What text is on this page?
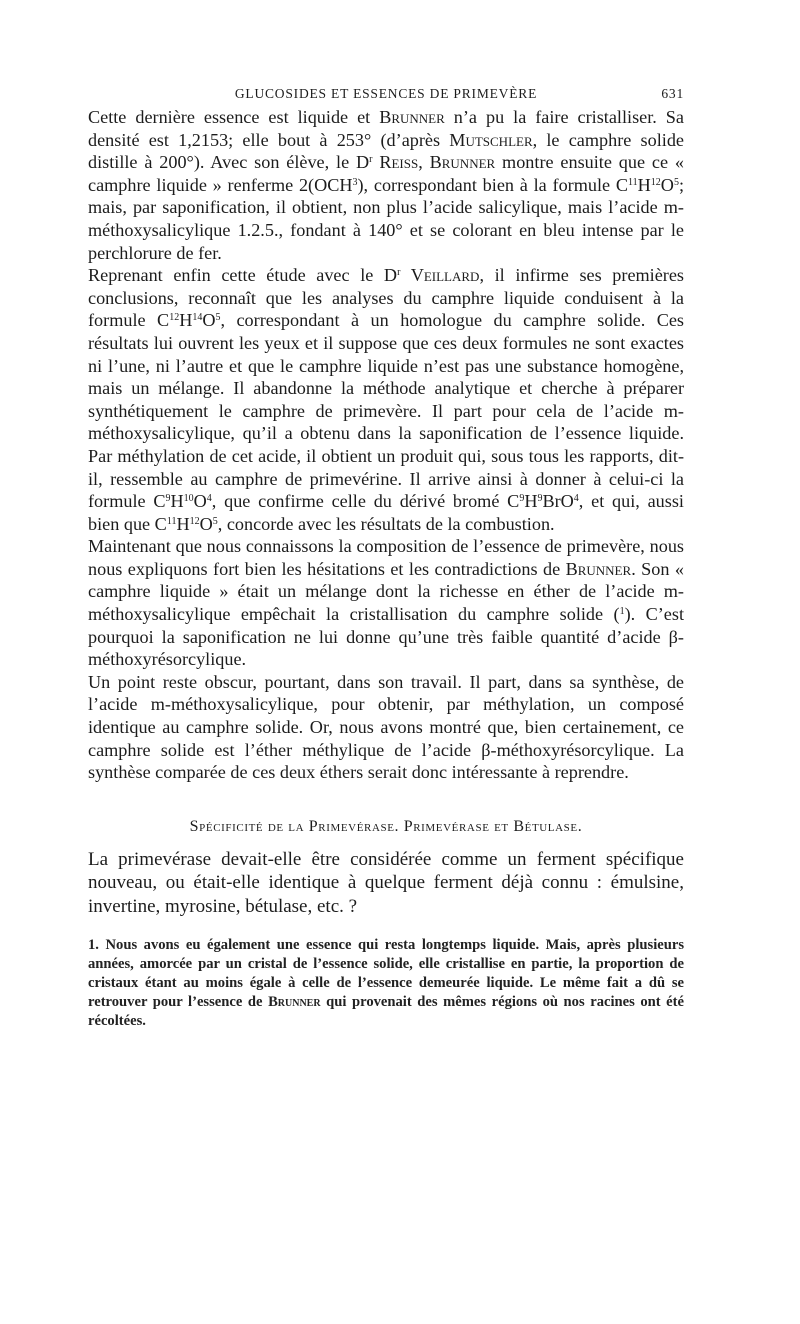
GLUCOSIDES ET ESSENCES DE PRIMEVÈRE	631

Cette dernière essence est liquide et Brunner n’a pu la faire cristalliser. Sa densité est 1,2153; elle bout à 253° (d’après Mutschler, le camphre solide distille à 200°). Avec son élève, le $D^r$ Reiss, Brunner montre ensuite que ce « camphre liquide » renferme 2(OCH$^3$), correspondant bien à la formule $C^{11}H^{12}O^5$; mais, par saponification, il obtient, non plus l’acide salicylique, mais l’acide m-méthoxysalicylique 1.2.5., fondant à 140° et se colorant en bleu intense par le perchlorure de fer.

Reprenant enfin cette étude avec le $D^r$ Veillard, il infirme ses premières conclusions, reconnaît que les analyses du camphre liquide conduisent à la formule $C^{12}H^{14}O^5$, correspondant à un homologue du camphre solide. Ces résultats lui ouvrent les yeux et il suppose que ces deux formules ne sont exactes ni l’une, ni l’autre et que le camphre liquide n’est pas une substance homogène, mais un mélange. Il abandonne la méthode analytique et cherche à préparer synthétiquement le camphre de primevère. Il part pour cela de l’acide m-méthoxysalicylique, qu’il a obtenu dans la saponification de l’essence liquide. Par méthylation de cet acide, il obtient un produit qui, sous tous les rapports, dit-il, ressemble au camphre de primevérine. Il arrive ainsi à donner à celui-ci la formule $C^9H^{10}O^4$, que confirme celle du dérivé bromé $C^9H^9BrO^4$, et qui, aussi bien que $C^{11}H^{12}O^5$, concorde avec les résultats de la combustion.

Maintenant que nous connaissons la composition de l’essence de primevère, nous nous expliquons fort bien les hésitations et les contradictions de Brunner. Son « camphre liquide » était un mélange dont la richesse en éther de l’acide m-méthoxysalicylique empêchait la cristallisation du camphre solide ($^1$). C’est pourquoi la saponification ne lui donne qu’une très faible quantité d’acide β-méthoxyrésorcylique.

Un point reste obscur, pourtant, dans son travail. Il part, dans sa synthèse, de l’acide m-méthoxysalicylique, pour obtenir, par méthylation, un composé identique au camphre solide. Or, nous avons montré que, bien certainement, ce camphre solide est l’éther méthylique de l’acide β-méthoxyrésorcylique. La synthèse comparée de ces deux éthers serait donc intéressante à reprendre.

Spécificité de la Primevérase. Primevérase et Bétulase.

La primevérase devait-elle être considérée comme un ferment spécifique nouveau, ou était-elle identique à quelque ferment déjà connu : émulsine, invertine, myrosine, bétulase, etc. ?

1. Nous avons eu également une essence qui resta longtemps liquide. Mais, après plusieurs années, amorcée par un cristal de l’essence solide, elle cristallise en partie, la proportion de cristaux étant au moins égale à celle de l’essence demeurée liquide. Le même fait a dû se retrouver pour l’essence de Brunner qui provenait des mêmes régions où nos racines ont été récoltées.
